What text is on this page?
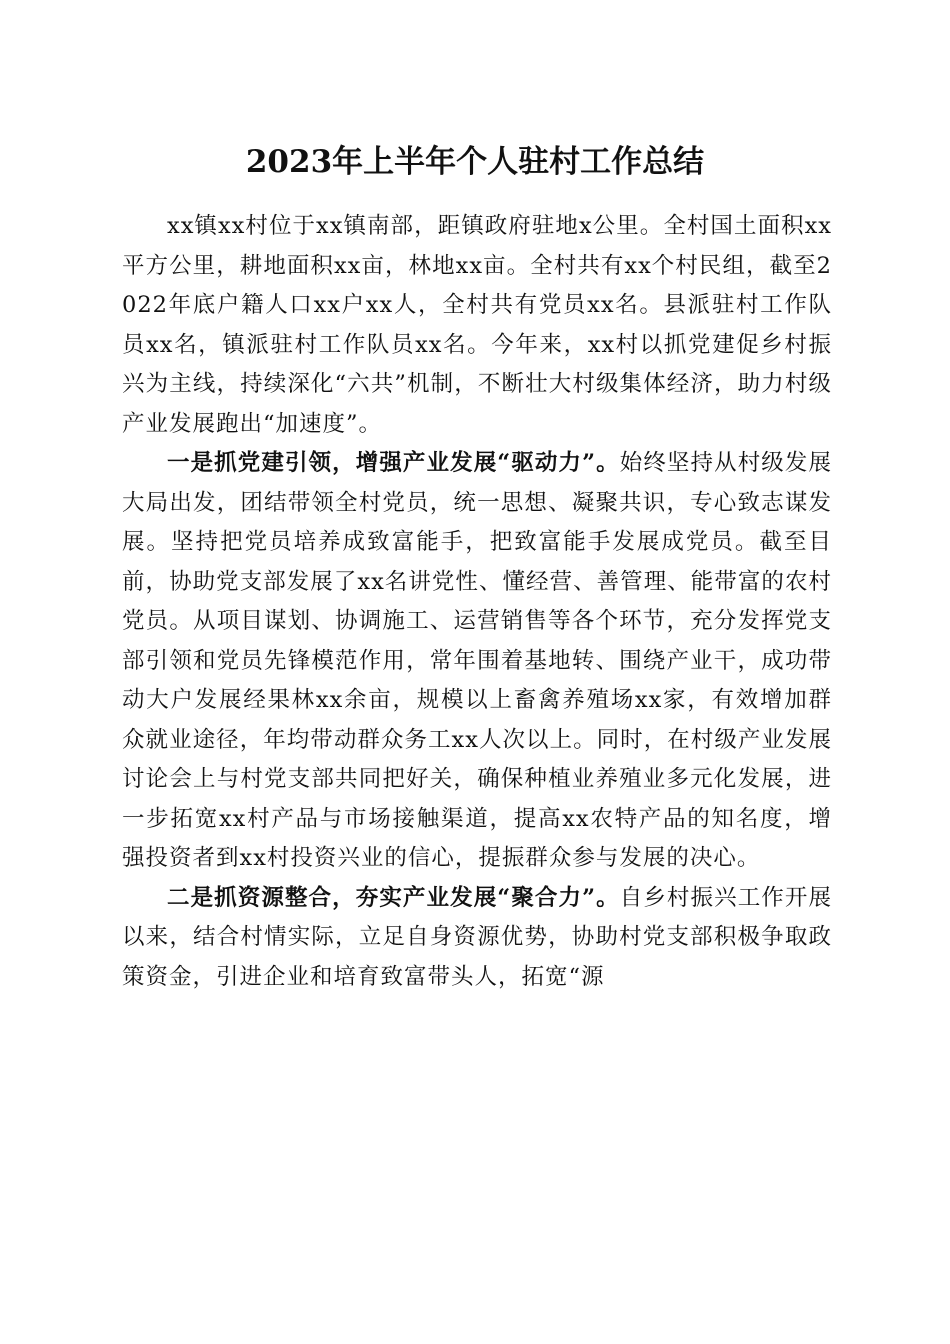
2023年上半年个人驻村工作总结

xx镇xx村位于xx镇南部，距镇政府驻地x公里。全村国土面积xx平方公里，耕地面积xx亩，林地xx亩。全村共有xx个村民组，截至2022年底户籍人口xx户xx人，全村共有党员xx名。县派驻村工作队员xx名，镇派驻村工作队员xx名。今年来，xx村以抓党建促乡村振兴为主线，持续深化“六共”机制，不断壮大村级集体经济，助力村级产业发展跑出“加速度”。

一是抓党建引领，增强产业发展“驱动力”。始终坚持从村级发展大局出发，团结带领全村党员，统一思想、凝聚共识，专心致志谋发展。坚持把党员培养成致富能手，把致富能手发展成党员。截至目前，协助党支部发展了xx名讲党性、懂经营、善管理、能带富的农村党员。从项目谋划、协调施工、运营销售等各个环节，充分发挥党支部引领和党员先锋模范作用，常年围着基地转、围绕产业干，成功带动大户发展经果林xx余亩，规模以上畜禽养殖场xx家，有效增加群众就业途径，年均带动群众务工xx人次以上。同时，在村级产业发展讨论会上与村党支部共同把好关，确保种植业养殖业多元化发展，进一步拓宽xx村产品与市场接触渠道，提高xx农特产品的知名度，增强投资者到xx村投资兴业的信心，提振群众参与发展的决心。

二是抓资源整合，夯实产业发展“聚合力”。自乡村振兴工作开展以来，结合村情实际，立足自身资源优势，协助村党支部积极争取政策资金，引进企业和培育致富带头人，拓宽“源
